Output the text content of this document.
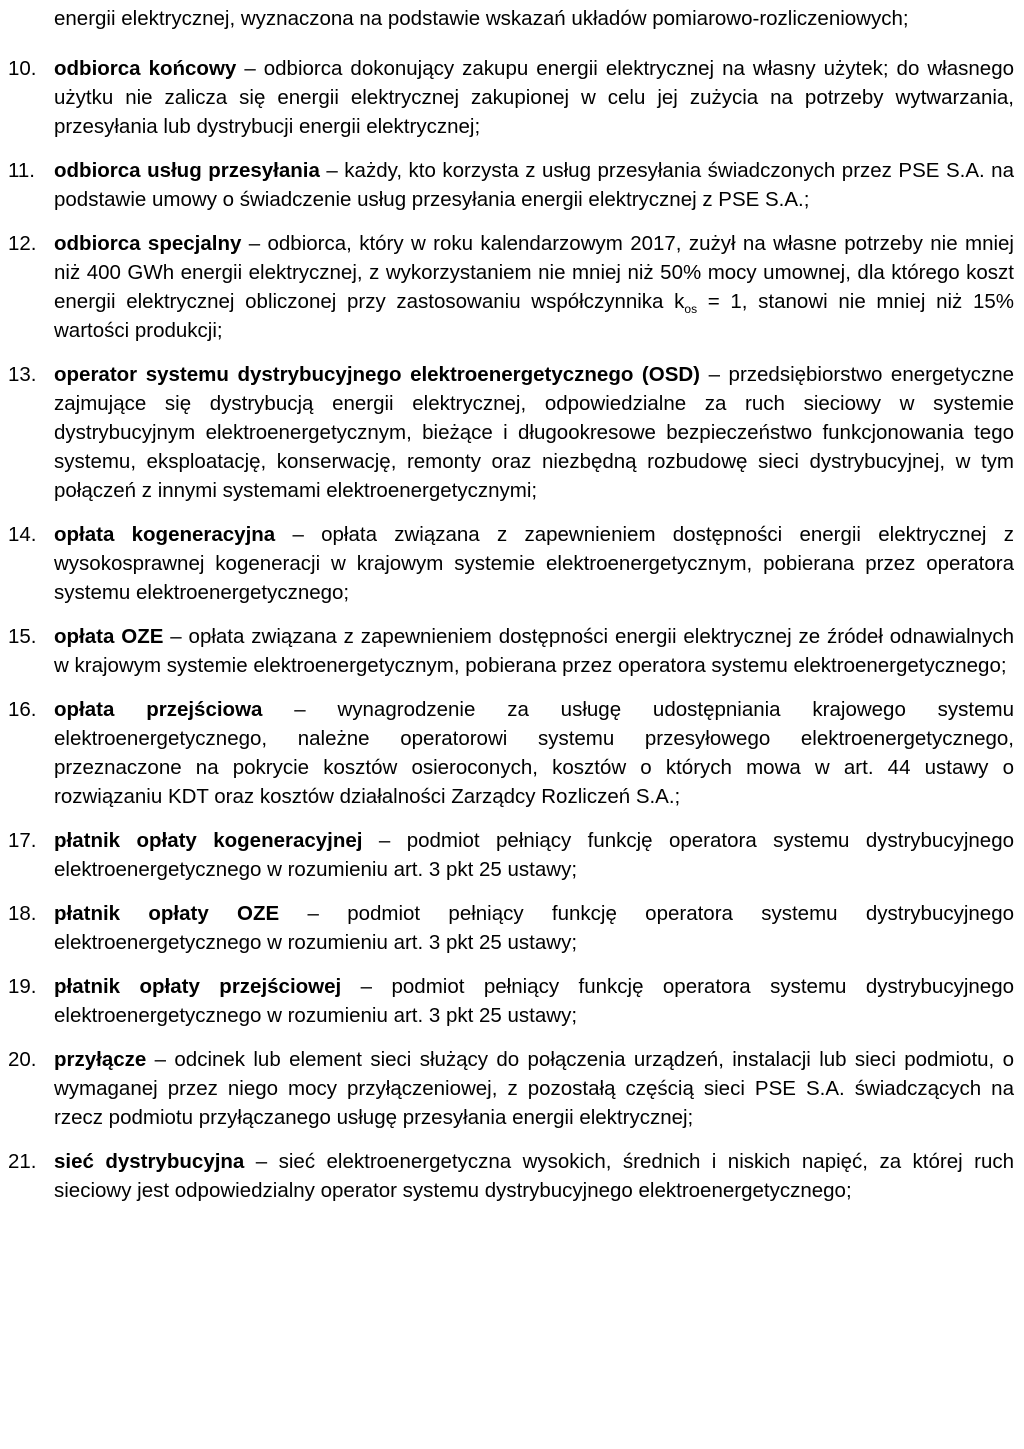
energii elektrycznej, wyznaczona na podstawie wskazań układów pomiarowo-rozliczeniowych;
10. odbiorca końcowy – odbiorca dokonujący zakupu energii elektrycznej na własny użytek; do własnego użytku nie zalicza się energii elektrycznej zakupionej w celu jej zużycia na potrzeby wytwarzania, przesyłania lub dystrybucji energii elektrycznej;
11. odbiorca usług przesyłania – każdy, kto korzysta z usług przesyłania świadczonych przez PSE S.A. na podstawie umowy o świadczenie usług przesyłania energii elektrycznej z PSE S.A.;
12. odbiorca specjalny – odbiorca, który w roku kalendarzowym 2017, zużył na własne potrzeby nie mniej niż 400 GWh energii elektrycznej, z wykorzystaniem nie mniej niż 50% mocy umownej, dla którego koszt energii elektrycznej obliczonej przy zastosowaniu współczynnika $k_{os} = 1$, stanowi nie mniej niż 15% wartości produkcji;
13. operator systemu dystrybucyjnego elektroenergetycznego (OSD) – przedsiębiorstwo energetyczne zajmujące się dystrybucją energii elektrycznej, odpowiedzialne za ruch sieciowy w systemie dystrybucyjnym elektroenergetycznym, bieżące i długookresowe bezpieczeństwo funkcjonowania tego systemu, eksploatację, konserwację, remonty oraz niezbędną rozbudowę sieci dystrybucyjnej, w tym połączeń z innymi systemami elektroenergetycznymi;
14. opłata kogeneracyjna – opłata związana z zapewnieniem dostępności energii elektrycznej z wysokosprawnej kogeneracji w krajowym systemie elektroenergetycznym, pobierana przez operatora systemu elektroenergetycznego;
15. opłata OZE – opłata związana z zapewnieniem dostępności energii elektrycznej ze źródeł odnawialnych w krajowym systemie elektroenergetycznym, pobierana przez operatora systemu elektroenergetycznego;
16. opłata przejściowa – wynagrodzenie za usługę udostępniania krajowego systemu elektroenergetycznego, należne operatorowi systemu przesyłowego elektroenergetycznego, przeznaczone na pokrycie kosztów osieroconych, kosztów o których mowa w art. 44 ustawy o rozwiązaniu KDT oraz kosztów działalności Zarządcy Rozliczeń S.A.;
17. płatnik opłaty kogeneracyjnej – podmiot pełniący funkcję operatora systemu dystrybucyjnego elektroenergetycznego w rozumieniu art. 3 pkt 25 ustawy;
18. płatnik opłaty OZE – podmiot pełniący funkcję operatora systemu dystrybucyjnego elektroenergetycznego w rozumieniu art. 3 pkt 25 ustawy;
19. płatnik opłaty przejściowej – podmiot pełniący funkcję operatora systemu dystrybucyjnego elektroenergetycznego w rozumieniu art. 3 pkt 25 ustawy;
20. przyłącze – odcinek lub element sieci służący do połączenia urządzeń, instalacji lub sieci podmiotu, o wymaganej przez niego mocy przyłączeniowej, z pozostałą częścią sieci PSE S.A. świadczących na rzecz podmiotu przyłączanego usługę przesyłania energii elektrycznej;
21. sieć dystrybucyjna – sieć elektroenergetyczna wysokich, średnich i niskich napięć, za której ruch sieciowy jest odpowiedzialny operator systemu dystrybucyjnego elektroenergetycznego;
